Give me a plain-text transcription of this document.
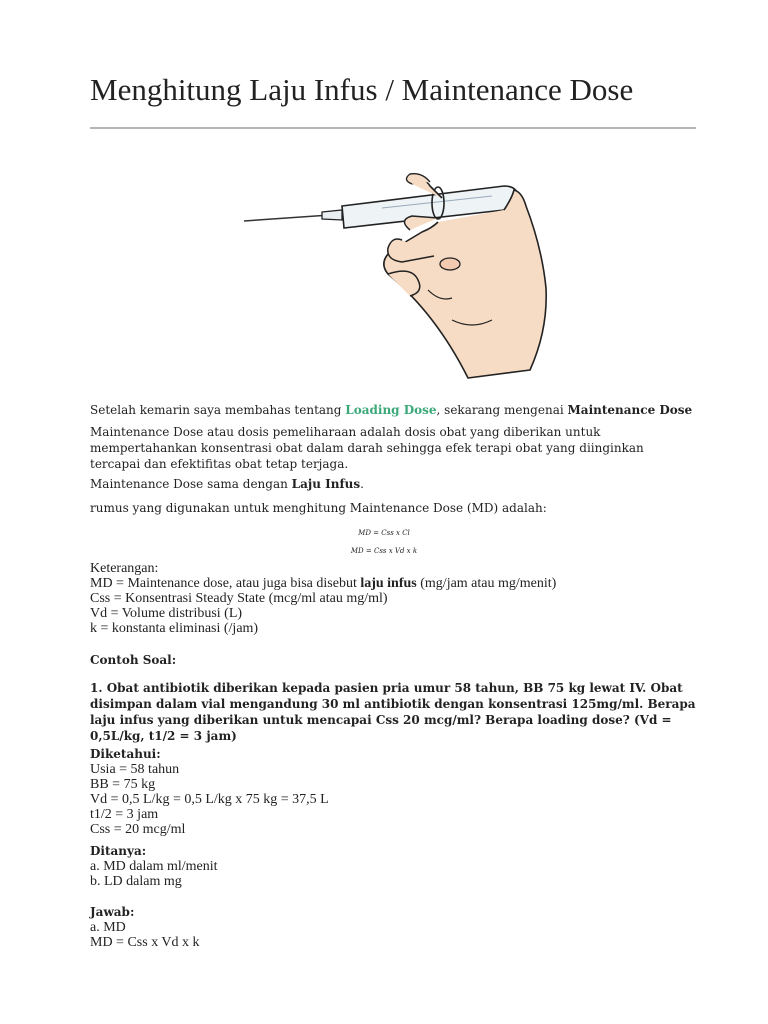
Menghitung Laju Infus / Maintenance Dose
Setelah kemarin saya membahas tentang Loading Dose, sekarang mengenai Maintenance Dose
Maintenance Dose atau dosis pemeliharaan adalah dosis obat yang diberikan untuk mempertahankan konsentrasi obat dalam darah sehingga efek terapi obat yang diinginkan tercapai dan efektifitas obat tetap terjaga.
Maintenance Dose sama dengan Laju Infus.
rumus yang digunakan untuk menghitung Maintenance Dose (MD) adalah:
MD = Css x Cl
MD = Css x Vd x k
Keterangan:
MD = Maintenance dose, atau juga bisa disebut laju infus (mg/jam atau mg/menit)
Css = Konsentrasi Steady State (mcg/ml atau mg/ml)
Vd = Volume distribusi (L)
k = konstanta eliminasi (/jam)
Contoh Soal:
1. Obat antibiotik diberikan kepada pasien pria umur 58 tahun, BB 75 kg lewat IV. Obat disimpan dalam vial mengandung 30 ml antibiotik dengan konsentrasi 125mg/ml. Berapa laju infus yang diberikan untuk mencapai Css 20 mcg/ml? Berapa loading dose? (Vd = 0,5L/kg, t1/2 = 3 jam)
Diketahui:
Usia = 58 tahun
BB = 75 kg
Vd = 0,5 L/kg = 0,5 L/kg x 75 kg = 37,5 L
t1/2 = 3 jam
Css = 20 mcg/ml
Ditanya:
a. MD dalam ml/menit
b. LD dalam mg
Jawab:
a. MD
MD = Css x Vd x k
